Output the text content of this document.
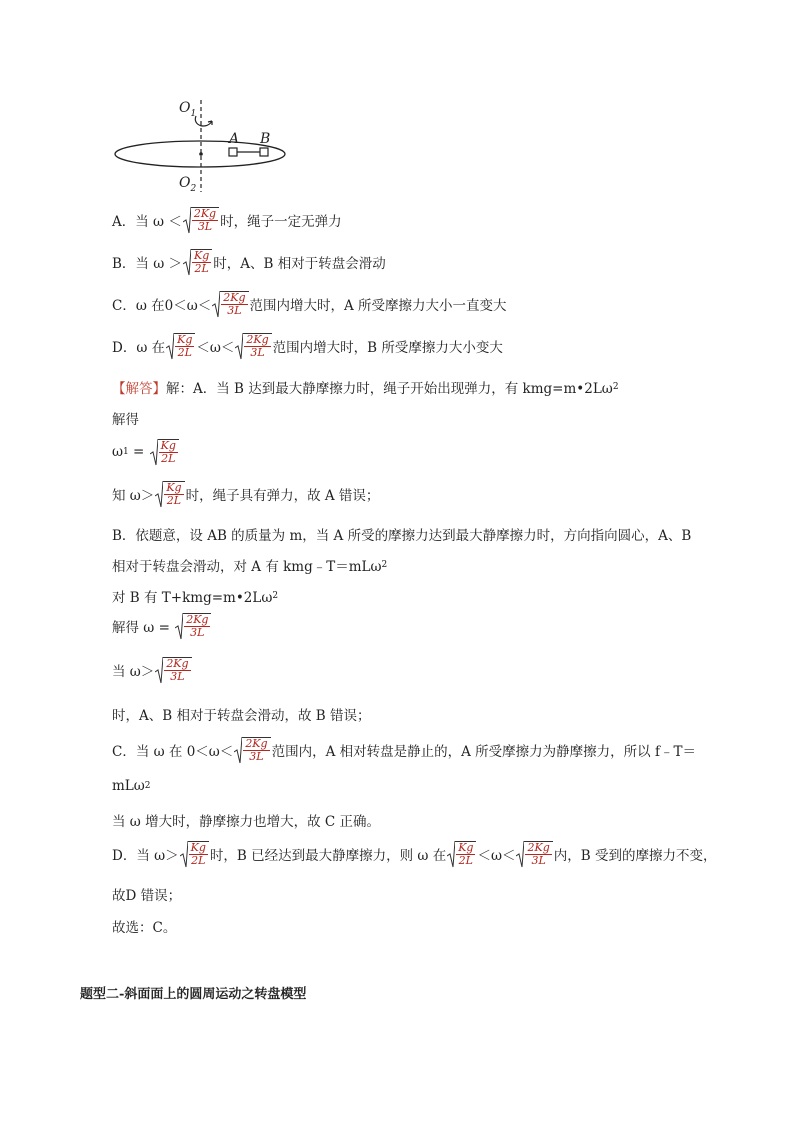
$O_1$
$O_2$
A B
A．当 $\omega < \frac{2Kg}{3L}$ 时，绳子一定无弹力
B．当 $\omega > \frac{Kg}{2L}$ 时，A、B 相对于转盘会滑动
C．ω 在$0<\omega< \frac{2Kg}{3L}$ 范围内增大时，A 所受摩擦力大小一直变大
D．ω 在 $\frac{Kg}{2L} <\omega< \frac{2Kg}{3L}$ 范围内增大时，B 所受摩擦力大小变大
【解答】 解：A．当 B 达到最大静摩擦力时，绳子开始出现弹力，有 kmg=m•2Lω 2
解得
ω $1 = \frac{Kg}{2L}$
知 $\omega> \frac{Kg}{2L}$ 时，绳子具有弹力，故 A 错误；
B．依题意，设 AB 的质量为 m，当 A 所受的摩擦力达到最大静摩擦力时，方向指向圆心，A、B
相对于转盘会滑动，对 A 有 kmg﹣T＝mLω 2
对 B 有 T+kmg=m•2Lω 2
解得 $\omega = \frac{2Kg}{3L}$
当 $\omega> \frac{2Kg}{3L}$
时，A、B 相对于转盘会滑动，故 B 错误；
C．当 ω 在 $0<\omega< \frac{2Kg}{3L}$ 范围内，A 相对转盘是静止的，A 所受摩擦力为静摩擦力，所以 f﹣T＝
mLω 2
当 ω 增大时，静摩擦力也增大，故 C 正确。
D．当 $\omega> \frac{Kg}{2L}$ 时，B 已经达到最大静摩擦力，则 ω 在 $\frac{Kg}{2L} <\omega< \frac{2Kg}{3L}$ 内，B 受到的摩擦力不变，
故D 错误；
故选：C。
题型二-斜面面上的圆周运动之转盘模型
